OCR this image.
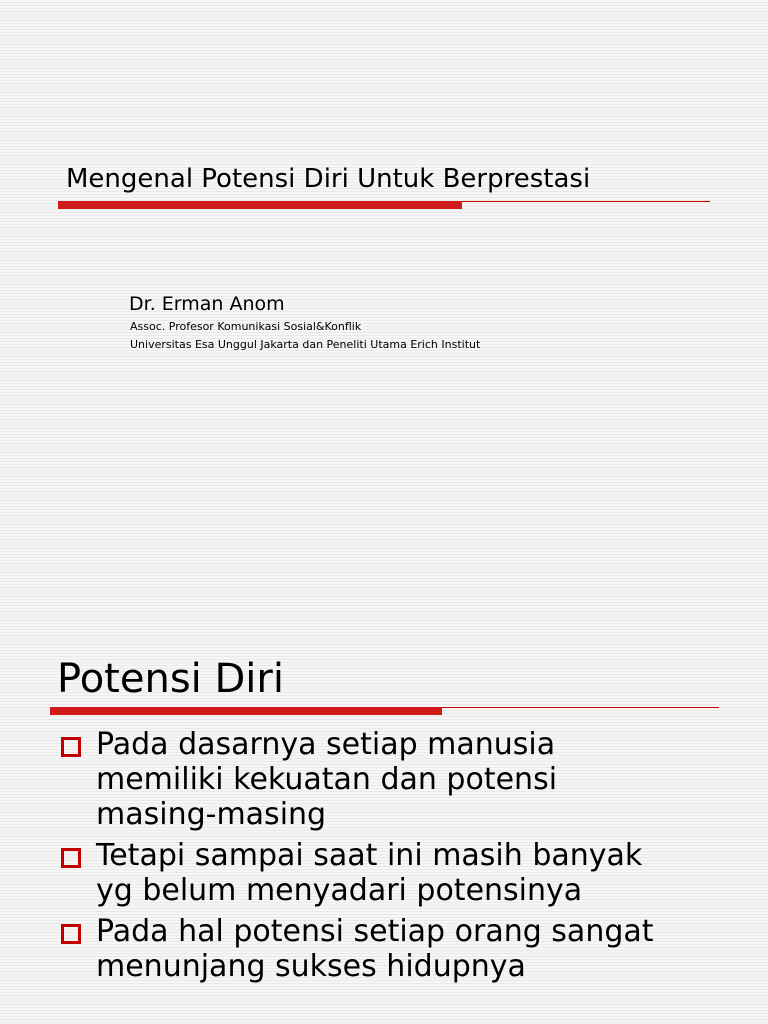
Mengenal Potensi Diri Untuk Berprestasi
Dr. Erman Anom
Assoc. Profesor Komunikasi Sosial&Konflik
Universitas Esa Unggul Jakarta dan Peneliti Utama Erich Institut
Potensi Diri
Pada dasarnya setiap manusia
memiliki kekuatan dan potensi
masing-masing
Tetapi sampai saat ini masih banyak
yg belum menyadari potensinya
Pada hal potensi setiap orang sangat
menunjang sukses hidupnya
